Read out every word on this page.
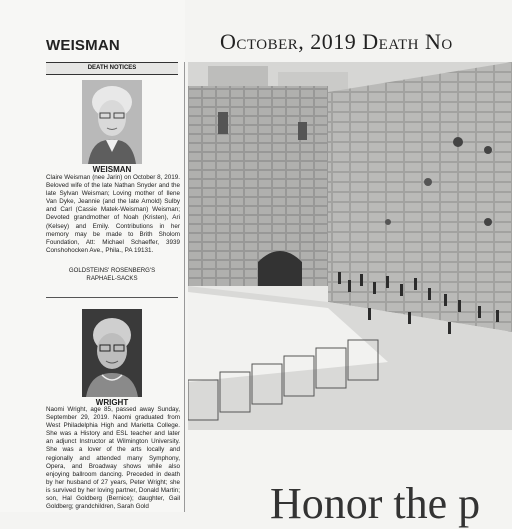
WEISMAN
DEATH NOTICES
WEISMAN
Claire Weisman (nee Jarin) on October 8, 2019. Beloved wife of the late Nathan Snyder and the late Sylvan Weisman; Loving mother of Ilene Van Dyke, Jeannie (and the late Arnold) Sulby and Carl (Cassie Matek-Weisman) Weisman; Devoted grandmother of Noah (Kristen), Ari (Kelsey) and Emily. Contributions in her memory may be made to Brith Sholom Foundation, Att: Michael Schaeffer, 3939 Conshohocken Ave., Phila., PA 19131.
GOLDSTEINS' ROSENBERG'S
RAPHAEL-SACKS
WRIGHT
Naomi Wright, age 85, passed away Sunday, September 29, 2019. Naomi graduated from West Philadelphia High and Marietta College. She was a History and ESL teacher and later an adjunct Instructor at Wilmington University. She was a lover of the arts locally and regionally and attended many Symphony, Opera, and Broadway shows while also enjoying ballroom dancing. Preceded in death by her husband of 27 years, Peter Wright; she is survived by her loving partner, Donald Martin; son, Hal Goldberg (Bernice); daughter, Gail Goldberg; grandchildren, Sarah Gold
October, 2019 Death No
Honor the p
